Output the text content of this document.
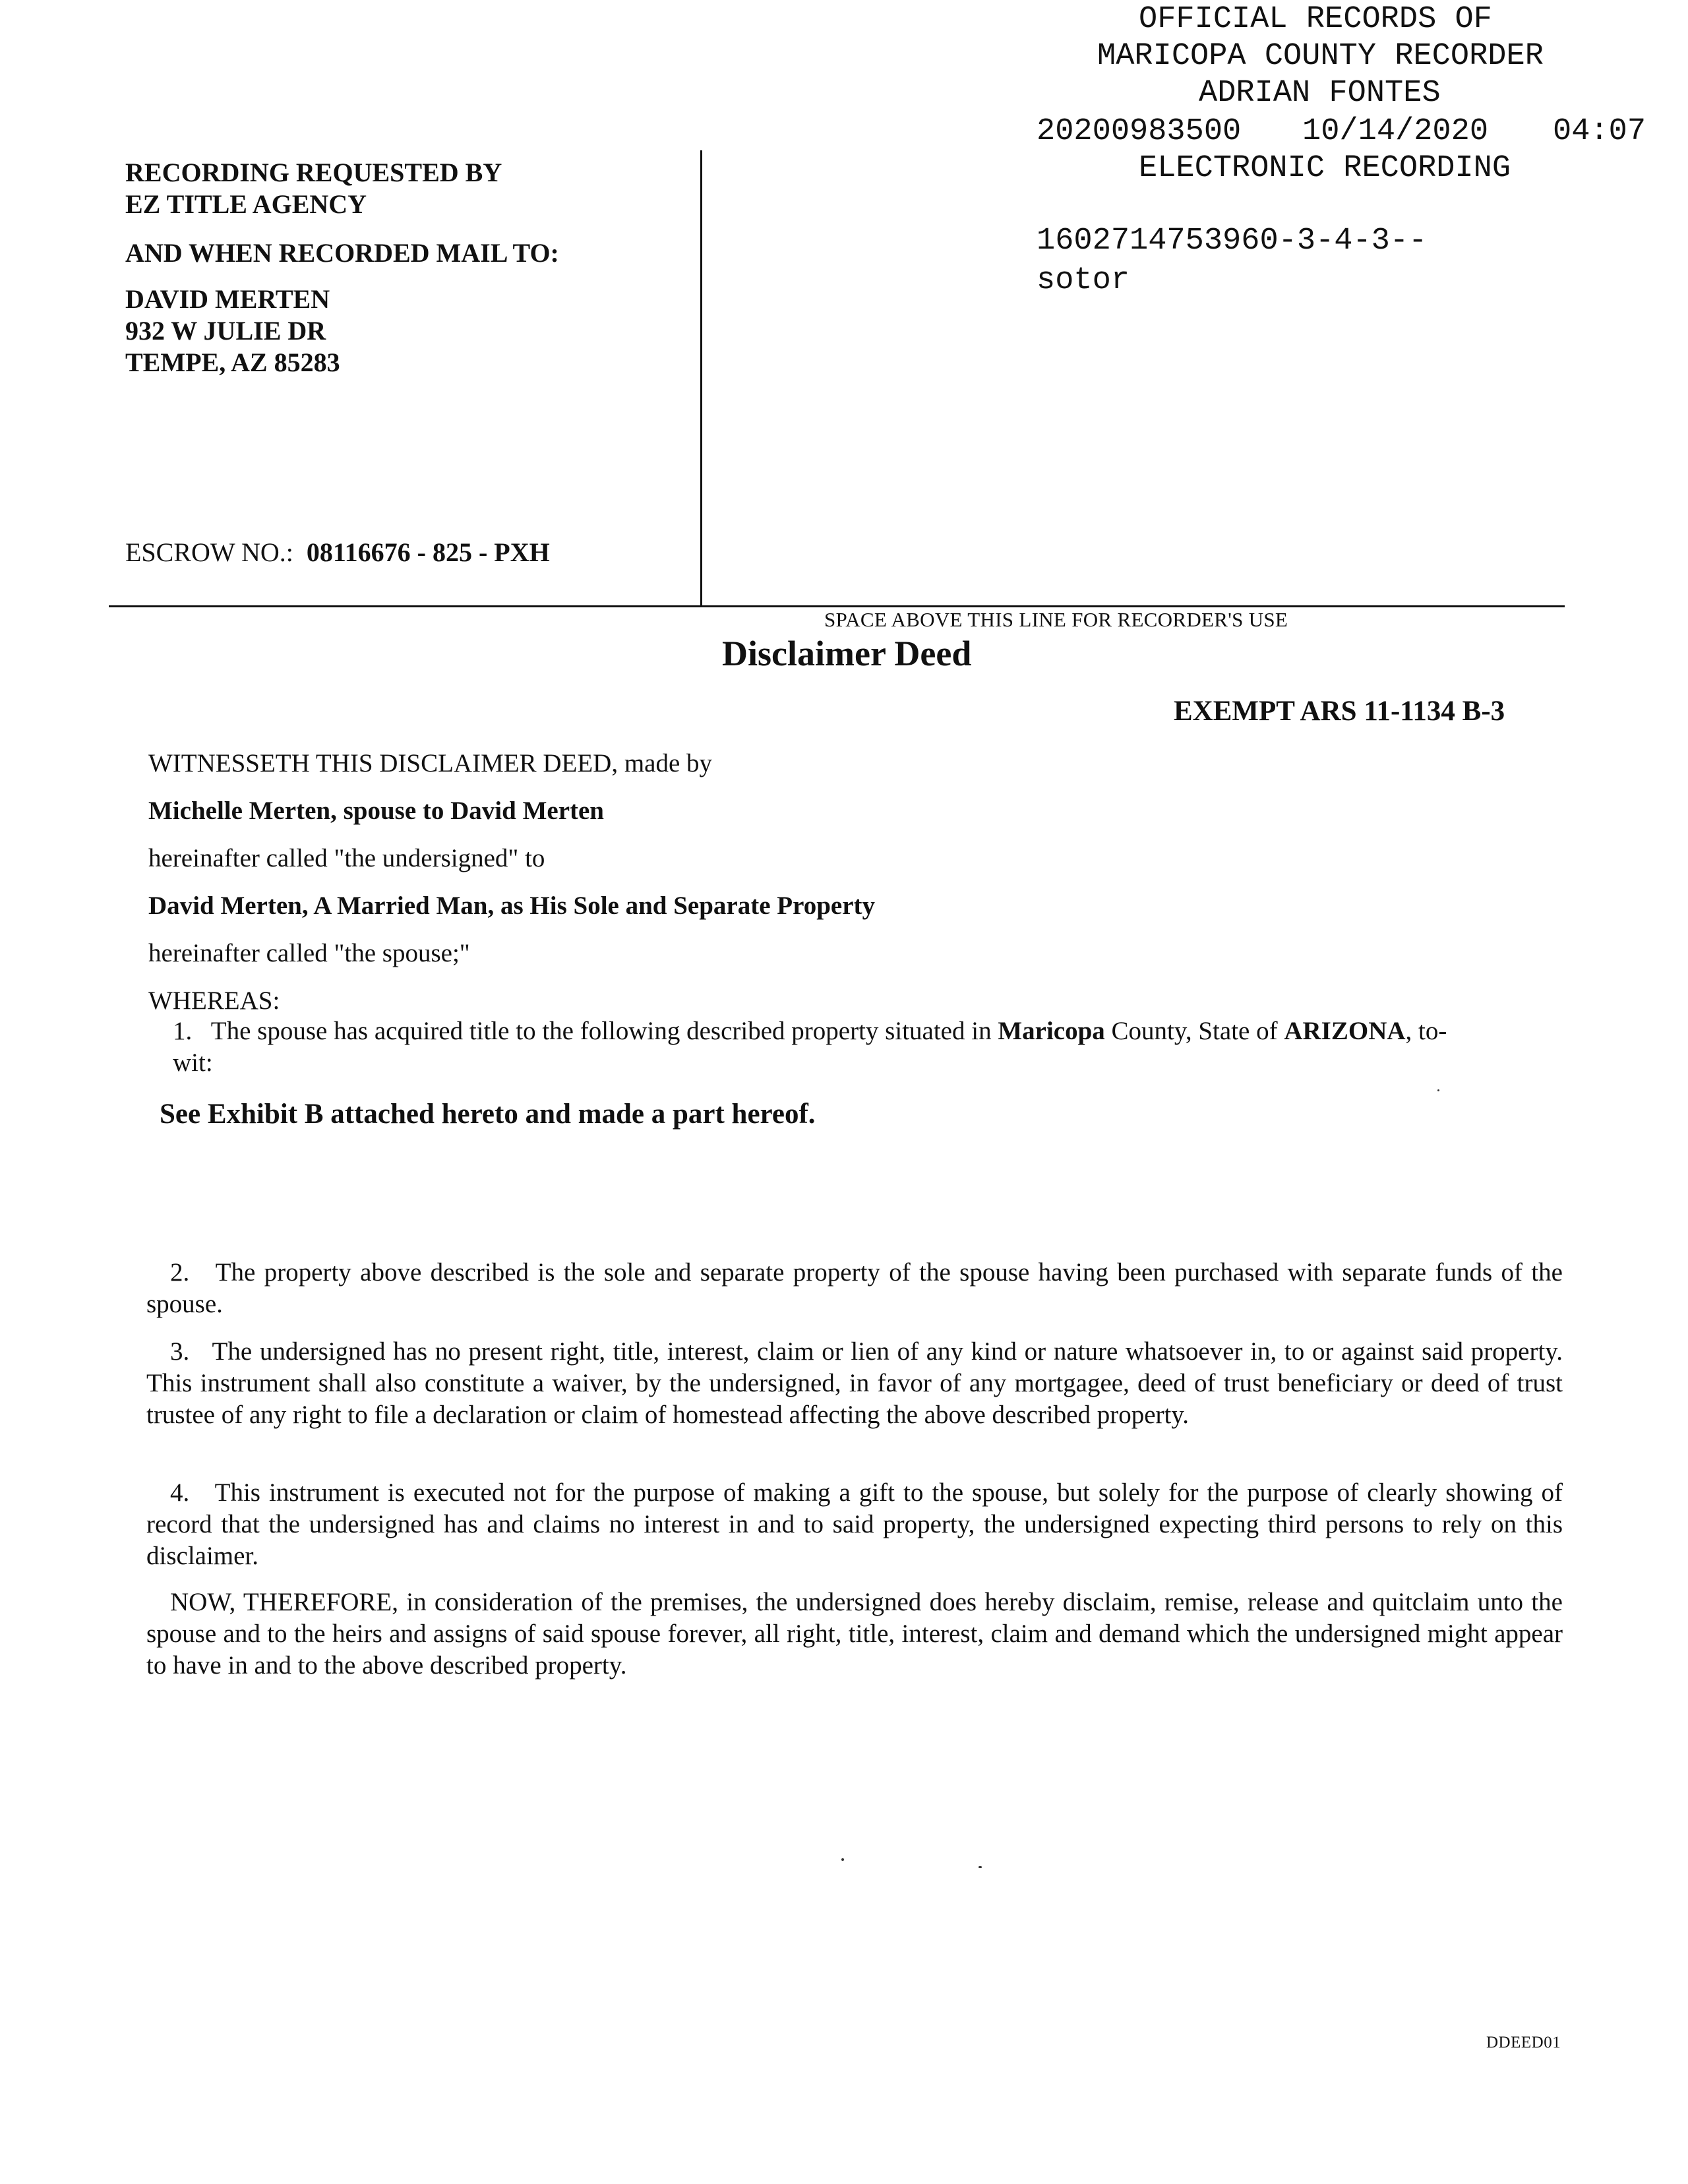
OFFICIAL RECORDS OF

MARICOPA COUNTY RECORDER

ADRIAN FONTES

20200983500

10/14/2020

04:07

ELECTRONIC RECORDING

1602714753960-3-4-3--

sotor

RECORDING REQUESTED BY
EZ TITLE AGENCY
AND WHEN RECORDED MAIL TO:
DAVID MERTEN
932 W JULIE DR
TEMPE, AZ 85283
ESCROW NO.: 08116676 - 825 - PXH
SPACE ABOVE THIS LINE FOR RECORDER'S USE
Disclaimer Deed
EXEMPT ARS 11-1134 B-3
WITNESSETH THIS DISCLAIMER DEED, made by
Michelle Merten, spouse to David Merten
hereinafter called "the undersigned" to
David Merten, A Married Man, as His Sole and Separate Property
hereinafter called "the spouse;"
WHEREAS:
1. The spouse has acquired title to the following described property situated in Maricopa County, State of ARIZONA, to-
wit:
See Exhibit B attached hereto and made a part hereof.
2. The property above described is the sole and separate property of the spouse having been purchased with separate funds of the spouse.
3. The undersigned has no present right, title, interest, claim or lien of any kind or nature whatsoever in, to or against said property. This instrument shall also constitute a waiver, by the undersigned, in favor of any mortgagee, deed of trust beneficiary or deed of trust trustee of any right to file a declaration or claim of homestead affecting the above described property.
4. This instrument is executed not for the purpose of making a gift to the spouse, but solely for the purpose of clearly showing of record that the undersigned has and claims no interest in and to said property, the undersigned expecting third persons to rely on this disclaimer.
NOW, THEREFORE, in consideration of the premises, the undersigned does hereby disclaim, remise, release and quitclaim unto the spouse and to the heirs and assigns of said spouse forever, all right, title, interest, claim and demand which the undersigned might appear to have in and to the above described property.
DDEED01
